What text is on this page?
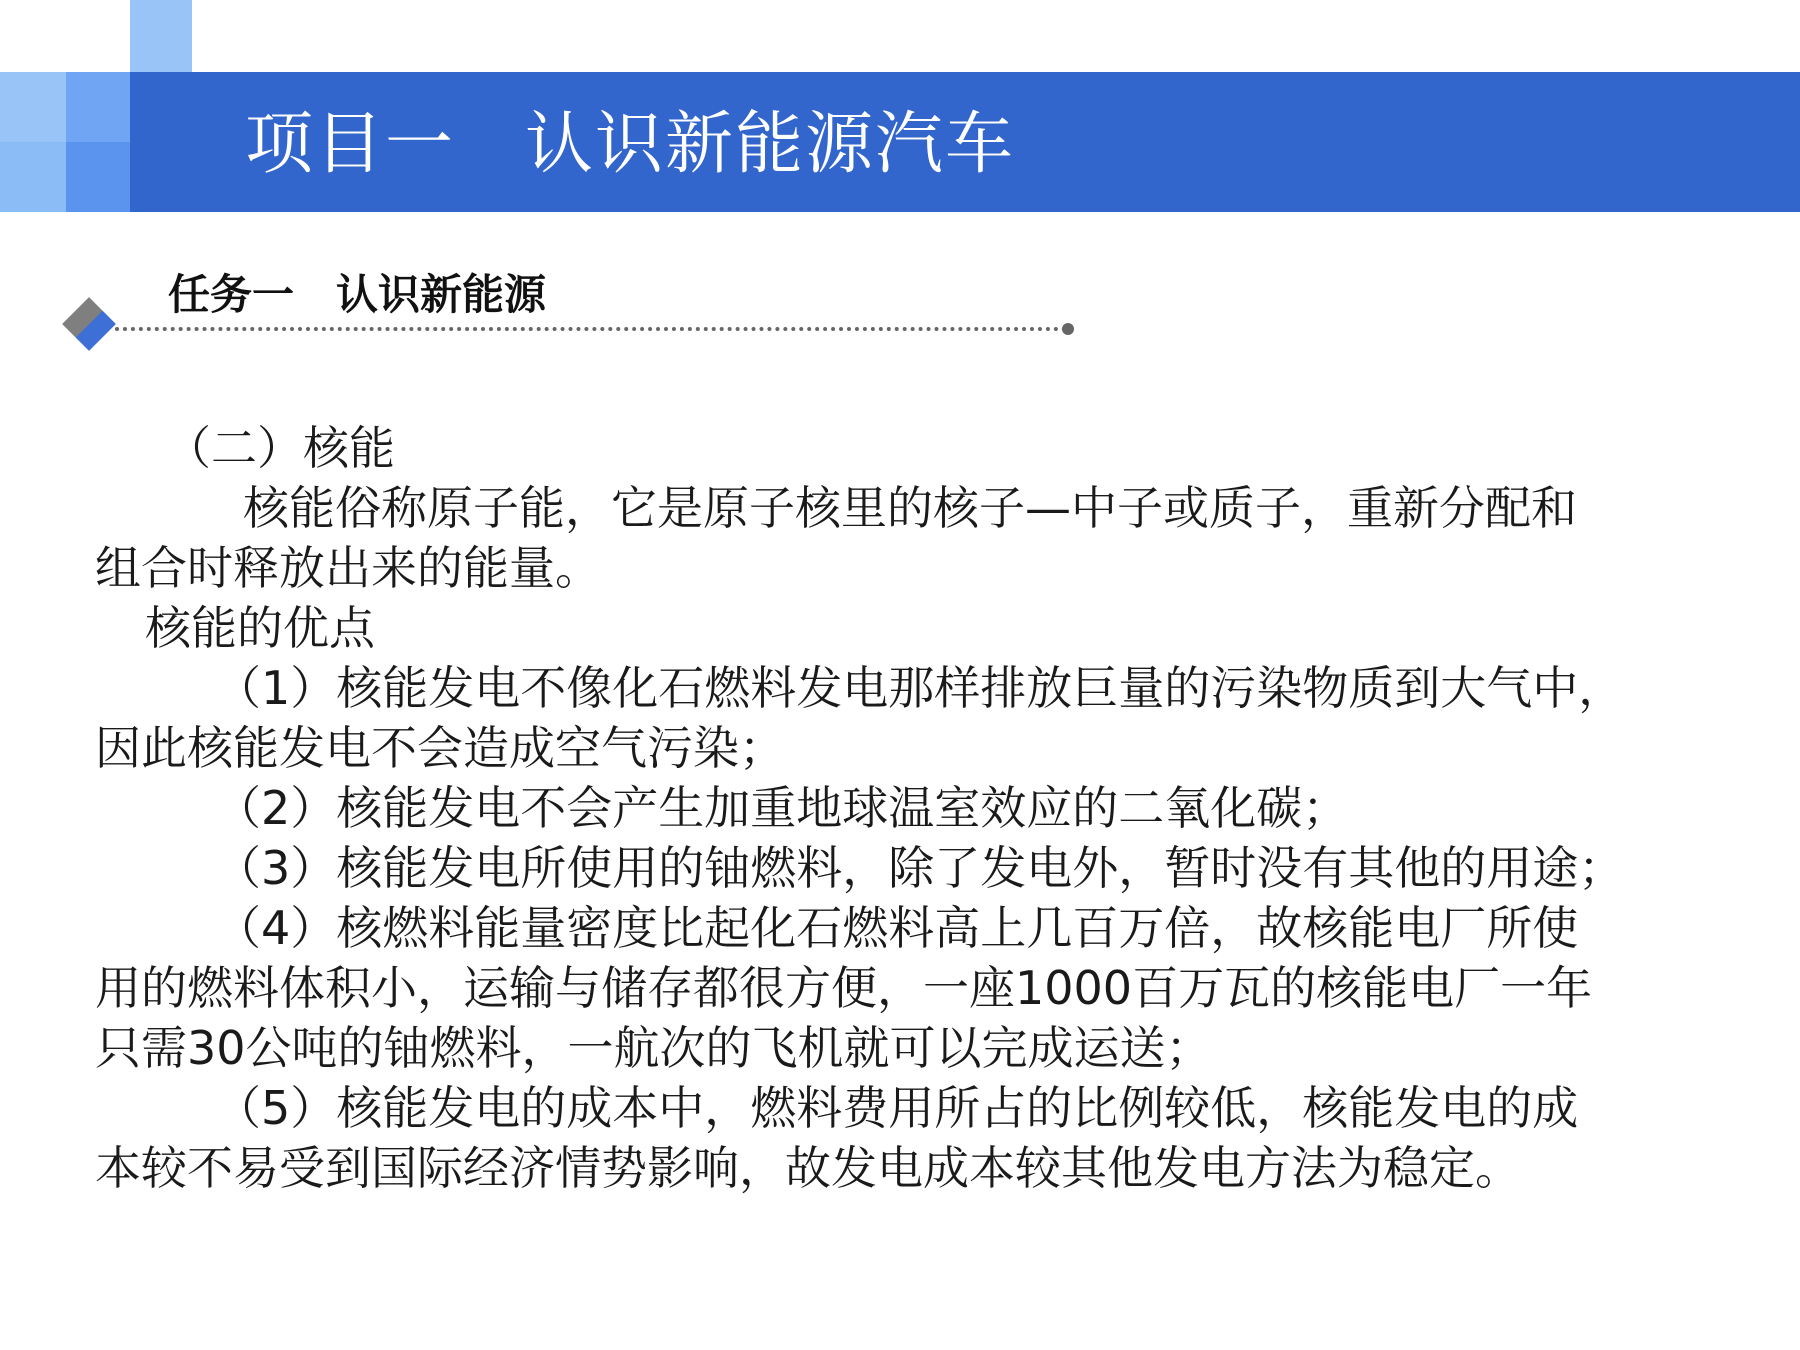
项目一　认识新能源汽车
任务一　认识新能源

（二）核能

核能俗称原子能，它是原子核里的核子—中子或质子，重新分配和

组合时释放出来的能量。

核能的优点

（1）核能发电不像化石燃料发电那样排放巨量的污染物质到大气中，

因此核能发电不会造成空气污染；

（2）核能发电不会产生加重地球温室效应的二氧化碳；

（3）核能发电所使用的铀燃料，除了发电外，暂时没有其他的用途；

（4）核燃料能量密度比起化石燃料高上几百万倍，故核能电厂所使

用的燃料体积小，运输与储存都很方便，一座1000百万瓦的核能电厂一年

只需30公吨的铀燃料，一航次的飞机就可以完成运送；

（5）核能发电的成本中，燃料费用所占的比例较低，核能发电的成

本较不易受到国际经济情势影响，故发电成本较其他发电方法为稳定。
